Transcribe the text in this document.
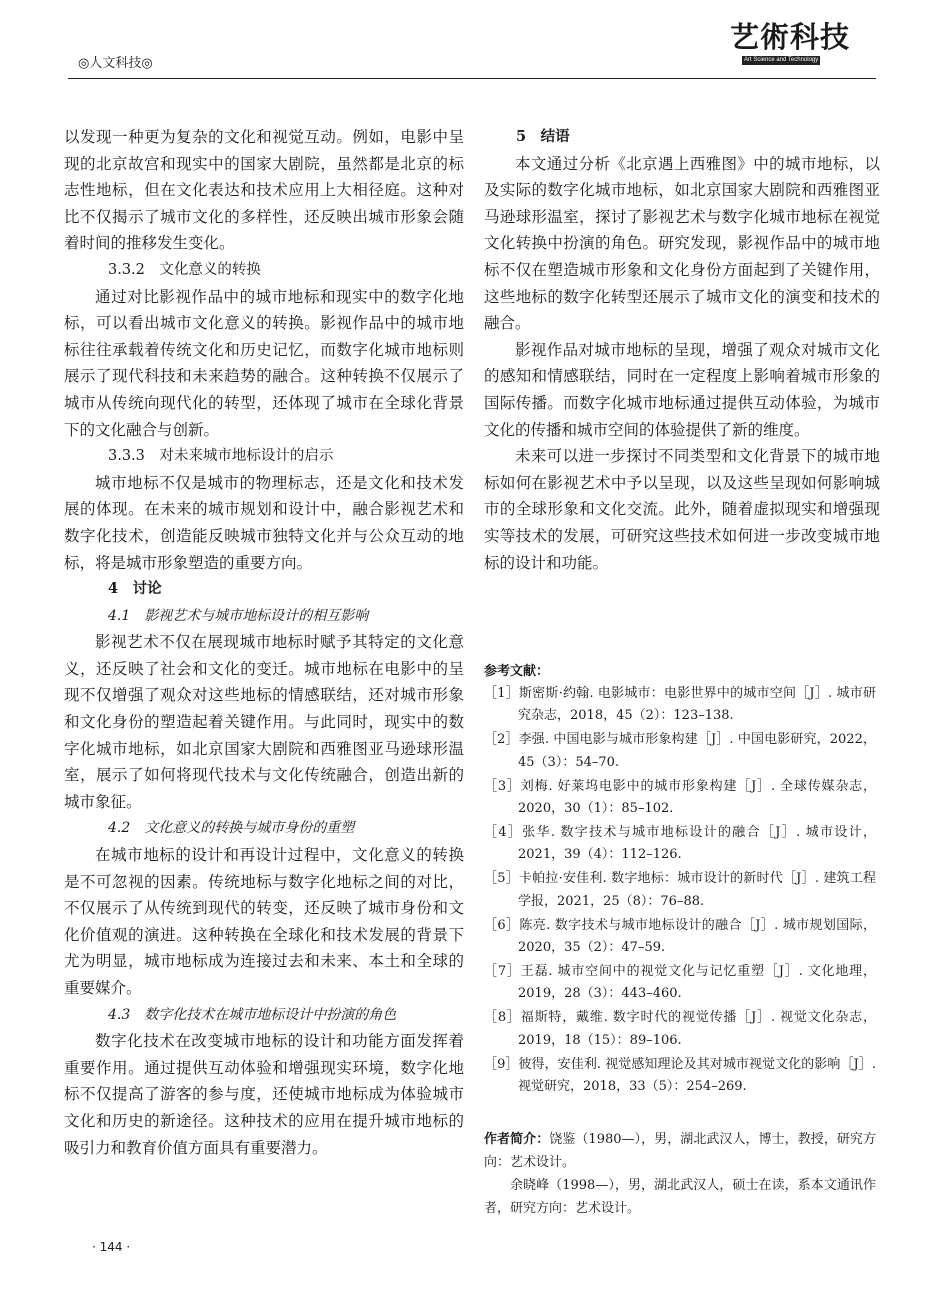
◎人文科技◎
艺術科技
Art Science and Technology
以发现一种更为复杂的文化和视觉互动。例如，电影中呈现的北京故宫和现实中的国家大剧院，虽然都是北京的标志性地标，但在文化表达和技术应用上大相径庭。这种对比不仅揭示了城市文化的多样性，还反映出城市形象会随着时间的推移发生变化。
3.3.2　文化意义的转换
通过对比影视作品中的城市地标和现实中的数字化地标，可以看出城市文化意义的转换。影视作品中的城市地标往往承载着传统文化和历史记忆，而数字化城市地标则展示了现代科技和未来趋势的融合。这种转换不仅展示了城市从传统向现代化的转型，还体现了城市在全球化背景下的文化融合与创新。
3.3.3　对未来城市地标设计的启示
城市地标不仅是城市的物理标志，还是文化和技术发展的体现。在未来的城市规划和设计中，融合影视艺术和数字化技术，创造能反映城市独特文化并与公众互动的地标，将是城市形象塑造的重要方向。
4　讨论
4.1　影视艺术与城市地标设计的相互影响
影视艺术不仅在展现城市地标时赋予其特定的文化意义，还反映了社会和文化的变迁。城市地标在电影中的呈现不仅增强了观众对这些地标的情感联结，还对城市形象和文化身份的塑造起着关键作用。与此同时，现实中的数字化城市地标，如北京国家大剧院和西雅图亚马逊球形温室，展示了如何将现代技术与文化传统融合，创造出新的城市象征。
4.2　文化意义的转换与城市身份的重塑
在城市地标的设计和再设计过程中，文化意义的转换是不可忽视的因素。传统地标与数字化地标之间的对比，不仅展示了从传统到现代的转变，还反映了城市身份和文化价值观的演进。这种转换在全球化和技术发展的背景下尤为明显，城市地标成为连接过去和未来、本土和全球的重要媒介。
4.3　数字化技术在城市地标设计中扮演的角色
数字化技术在改变城市地标的设计和功能方面发挥着重要作用。通过提供互动体验和增强现实环境，数字化地标不仅提高了游客的参与度，还使城市地标成为体验城市文化和历史的新途径。这种技术的应用在提升城市地标的吸引力和教育价值方面具有重要潜力。
5　结语
本文通过分析《北京遇上西雅图》中的城市地标，以及实际的数字化城市地标，如北京国家大剧院和西雅图亚马逊球形温室，探讨了影视艺术与数字化城市地标在视觉文化转换中扮演的角色。研究发现，影视作品中的城市地标不仅在塑造城市形象和文化身份方面起到了关键作用，这些地标的数字化转型还展示了城市文化的演变和技术的融合。
影视作品对城市地标的呈现，增强了观众对城市文化的感知和情感联结，同时在一定程度上影响着城市形象的国际传播。而数字化城市地标通过提供互动体验，为城市文化的传播和城市空间的体验提供了新的维度。
未来可以进一步探讨不同类型和文化背景下的城市地标如何在影视艺术中予以呈现，以及这些呈现如何影响城市的全球形象和文化交流。此外，随着虚拟现实和增强现实等技术的发展，可研究这些技术如何进一步改变城市地标的设计和功能。
参考文献：
［1］斯密斯·约翰. 电影城市：电影世界中的城市空间［J］. 城市研究杂志，2018，45（2）：123–138.
［2］李强. 中国电影与城市形象构建［J］. 中国电影研究，2022，45（3）：54–70.
［3］刘梅. 好莱坞电影中的城市形象构建［J］. 全球传媒杂志，2020，30（1）：85–102.
［4］张华. 数字技术与城市地标设计的融合［J］. 城市设计，2021，39（4）：112–126.
［5］卡帕拉·安佳利. 数字地标：城市设计的新时代［J］. 建筑工程学报，2021，25（8）：76–88.
［6］陈亮. 数字技术与城市地标设计的融合［J］. 城市规划国际，2020，35（2）：47–59.
［7］王磊. 城市空间中的视觉文化与记忆重塑［J］. 文化地理，2019，28（3）：443–460.
［8］福斯特，戴维. 数字时代的视觉传播［J］. 视觉文化杂志，2019，18（15）：89–106.
［9］彼得，安佳利. 视觉感知理论及其对城市视觉文化的影响［J］. 视觉研究，2018，33（5）：254–269.
作者简介：饶鉴（1980—），男，湖北武汉人，博士，教授，研究方向：艺术设计。
余晓峰（1998—），男，湖北武汉人，硕士在读，系本文通讯作者，研究方向：艺术设计。
· 144 ·
